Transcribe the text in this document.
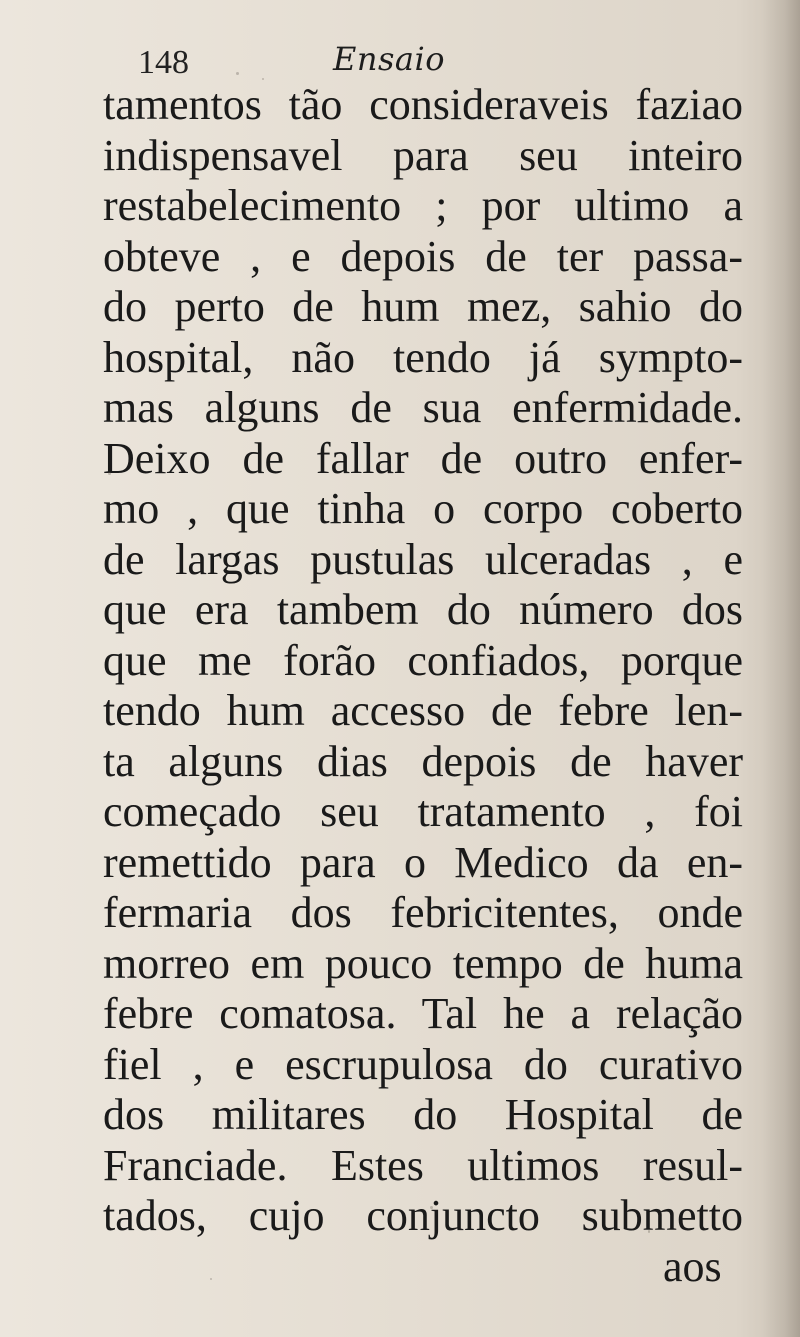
148	Ensaio
tamentos tão consideraveis faziao
indispensavel para seu inteiro
restabelecimento ; por ultimo a
obteve , e depois de ter passa-
do perto de hum mez, sahio do
hospital, não tendo já sympto-
mas alguns de sua enfermidade.
Deixo de fallar de outro enfer-
mo , que tinha o corpo coberto
de largas pustulas ulceradas , e
que era tambem do número dos
que me forão confiados, porque
tendo hum accesso de febre len-
ta alguns dias depois de haver
começado seu tratamento , foi
remettido para o Medico da en-
fermaria dos febricitentes, onde
morreo em pouco tempo de huma
febre comatosa. Tal he a relação
fiel , e escrupulosa do curativo
dos militares do Hospital de
Franciade. Estes ultimos resul-
tados, cujo conjuncto submetto
aos
